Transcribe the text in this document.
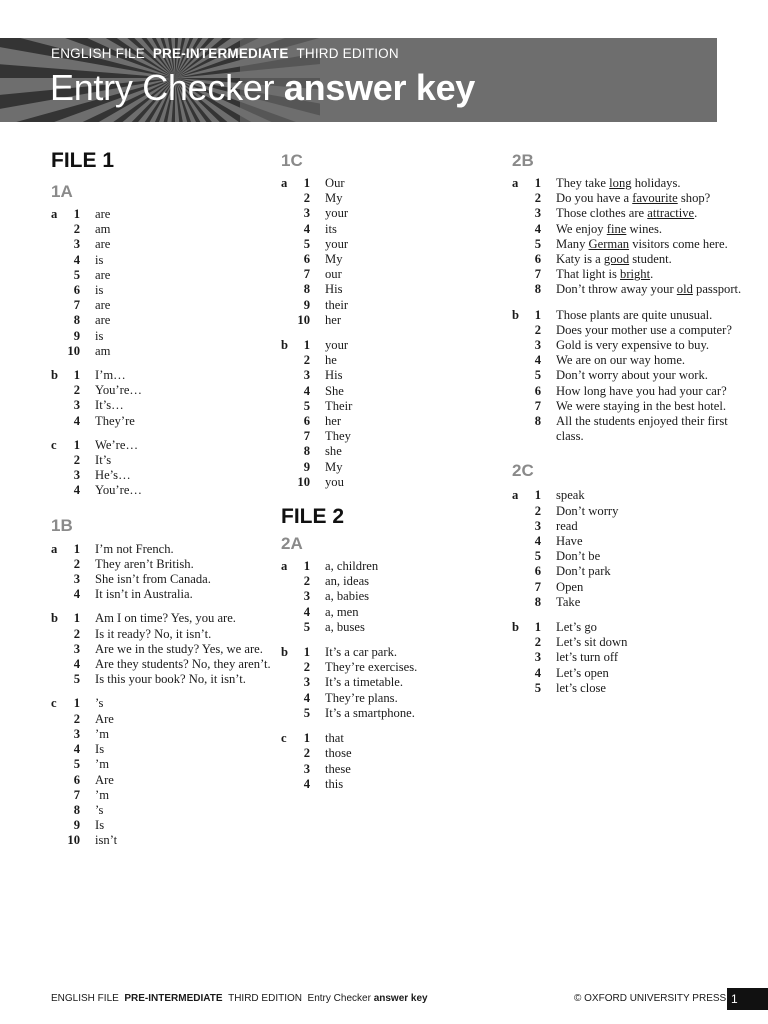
ENGLISH FILE PRE-INTERMEDIATE THIRD EDITION
Entry Checker answer key
FILE 1
1A
a	1 are
2 am
3 are
4 is
5 are
6 is
7 are
8 are
9 is
10 am
b	1 I’m…
2 You’re…
3 It’s…
4 They’re
c	1 We’re…
2 It’s
3 He’s…
4 You’re…
1B
a	1 I’m not French.
2 They aren’t British.
3 She isn’t from Canada.
4 It isn’t in Australia.
b	1 Am I on time? Yes, you are.
2 Is it ready? No, it isn’t.
3 Are we in the study? Yes, we are.
4 Are they students? No, they aren’t.
5 Is this your book? No, it isn’t.
c	1 ’s
2 Are
3 ’m
4 Is
5 ’m
6 Are
7 ’m
8 ’s
9 Is
10 isn’t
1C
a	1 Our
2 My
3 your
4 its
5 your
6 My
7 our
8 His
9 their
10 her
b	1 your
2 he
3 His
4 She
5 Their
6 her
7 They
8 she
9 My
10 you
FILE 2
2A
a	1 a, children
2 an, ideas
3 a, babies
4 a, men
5 a, buses
b	1 It’s a car park.
2 They’re exercises.
3 It’s a timetable.
4 They’re plans.
5 It’s a smartphone.
c	1 that
2 those
3 these
4 this
2B
a	1 They take long holidays.
2 Do you have a favourite shop?
3 Those clothes are attractive.
4 We enjoy fine wines.
5 Many German visitors come here.
6 Katy is a good student.
7 That light is bright.
8 Don’t throw away your old passport.
b	1 Those plants are quite unusual.
2 Does your mother use a computer?
3 Gold is very expensive to buy.
4 We are on our way home.
5 Don’t worry about your work.
6 How long have you had your car?
7 We were staying in the best hotel.
8 All the students enjoyed their first class.
2C
a	1 speak
2 Don’t worry
3 read
4 Have
5 Don’t be
6 Don’t park
7 Open
8 Take
b	1 Let’s go
2 Let’s sit down
3 let’s turn off
4 Let’s open
5 let’s close
ENGLISH FILE PRE-INTERMEDIATE THIRD EDITION Entry Checker answer key	© OXFORD UNIVERSITY PRESS 1
